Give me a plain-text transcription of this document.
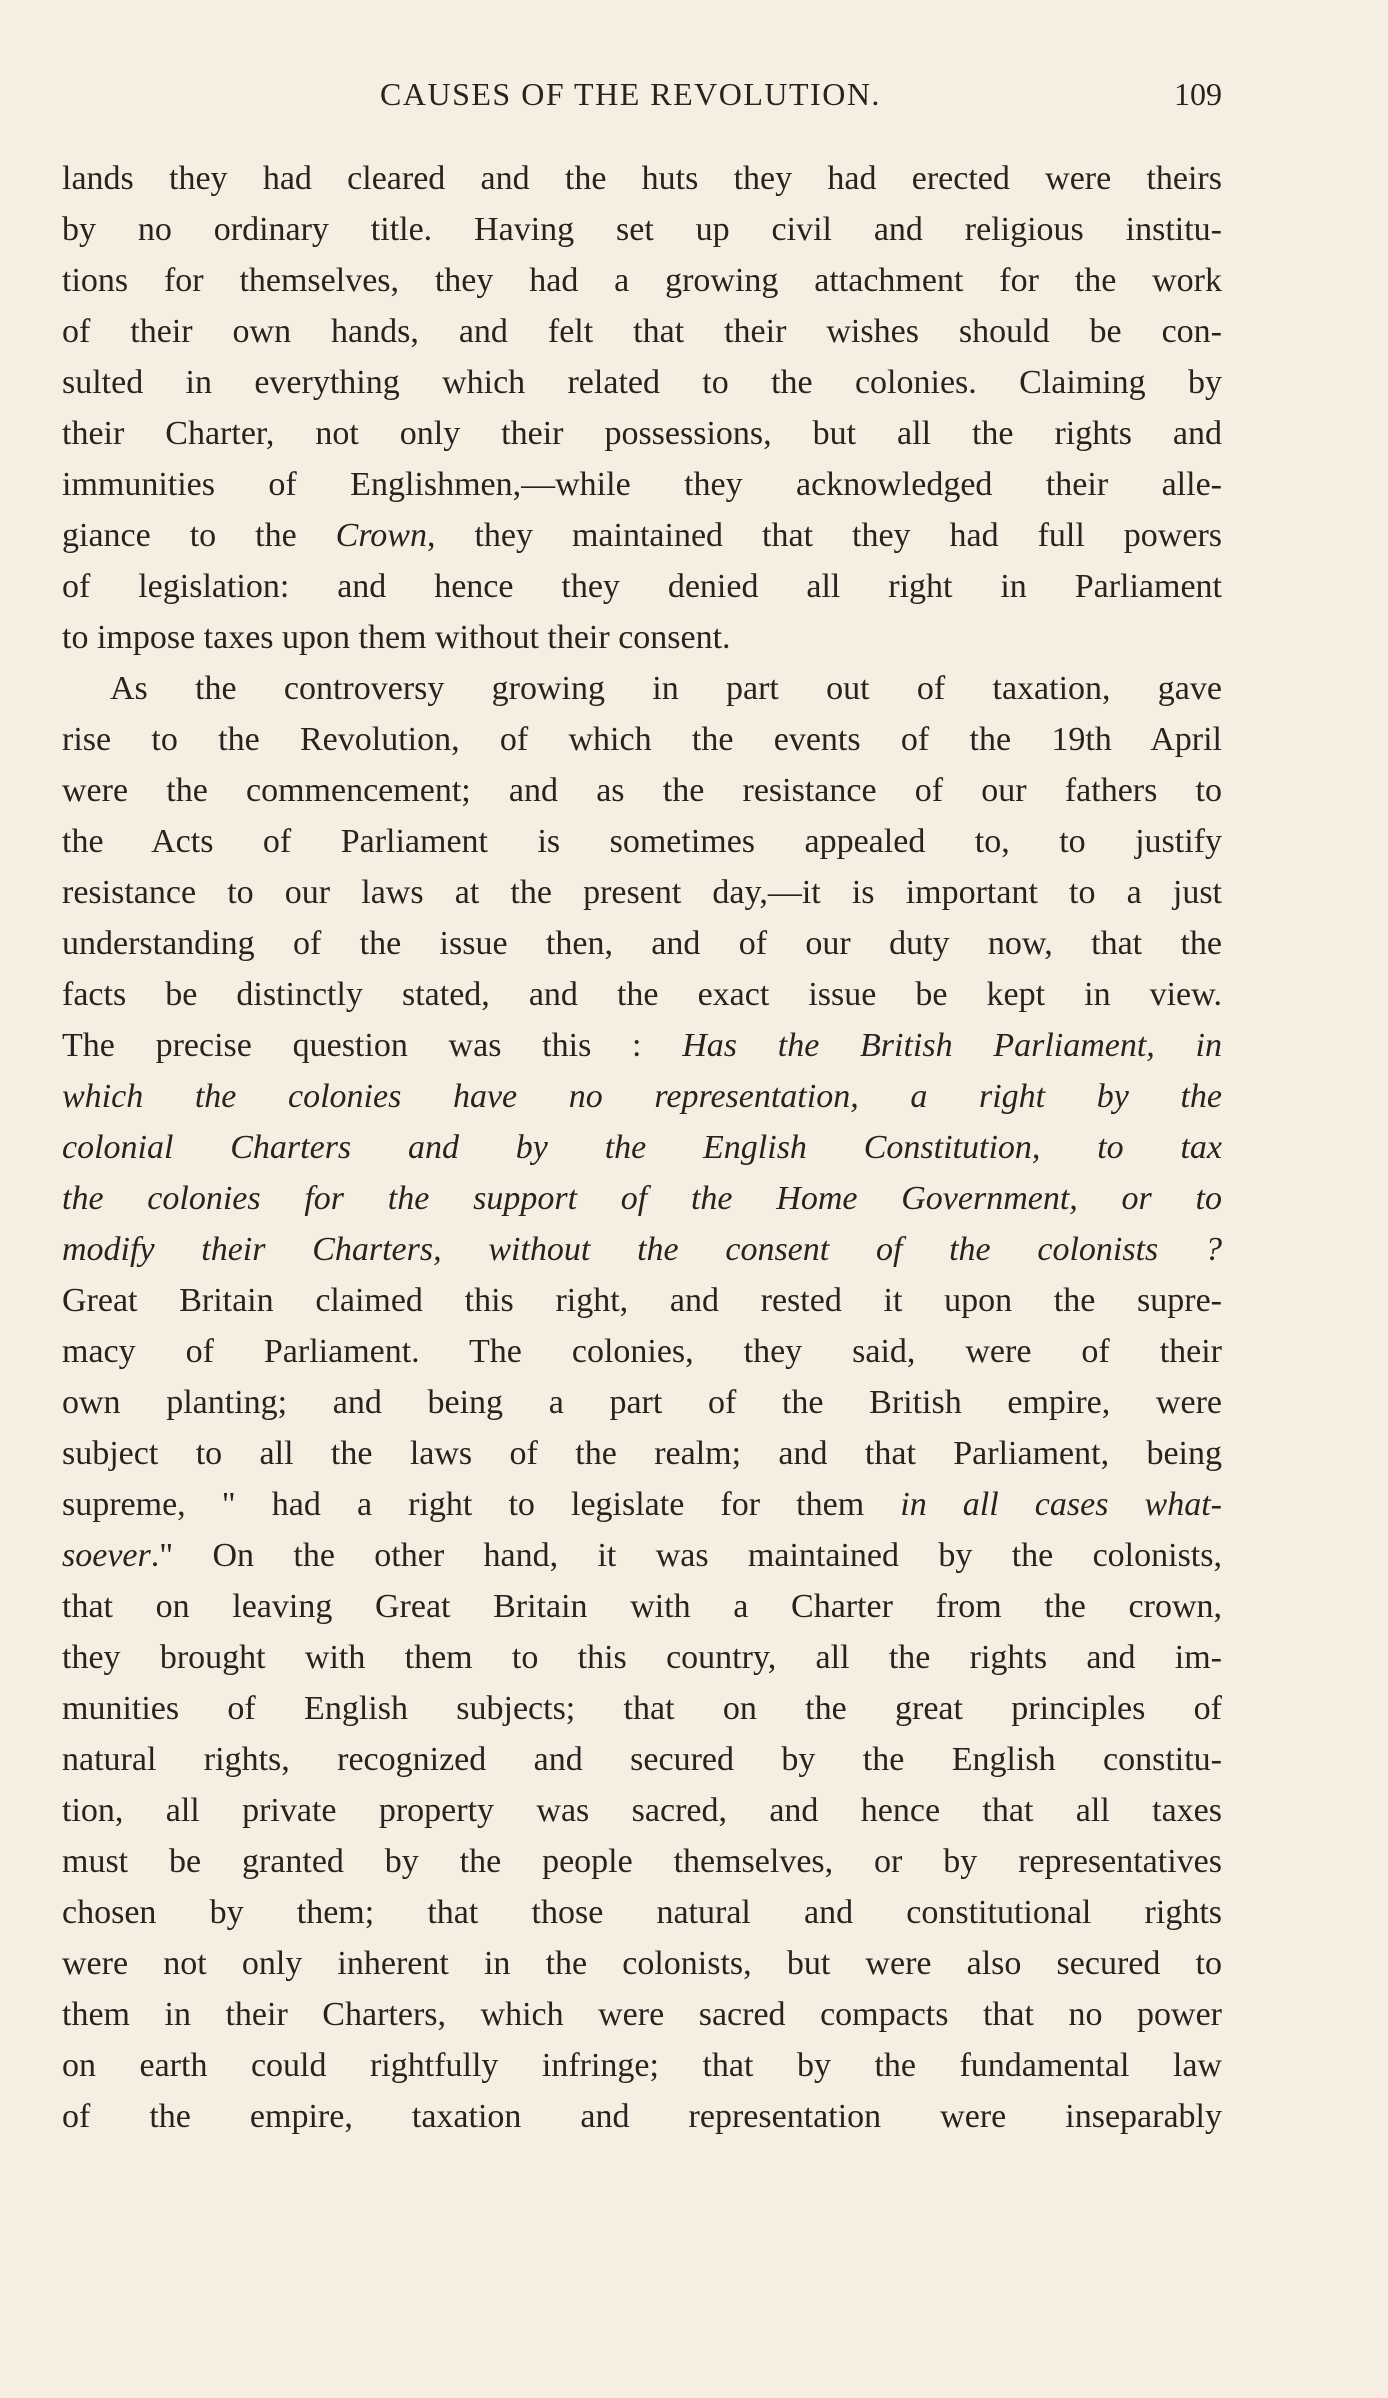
CAUSES OF THE REVOLUTION.	109
lands they had cleared and the huts they had erected were theirs
by no ordinary title. Having set up civil and religious institu-
tions for themselves, they had a growing attachment for the work
of their own hands, and felt that their wishes should be con-
sulted in everything which related to the colonies. Claiming by
their Charter, not only their possessions, but all the rights and
immunities of Englishmen,—while they acknowledged their alle-
giance to the Crown, they maintained that they had full powers
of legislation: and hence they denied all right in Parliament
to impose taxes upon them without their consent.
As the controversy growing in part out of taxation, gave
rise to the Revolution, of which the events of the 19th April
were the commencement; and as the resistance of our fathers to
the Acts of Parliament is sometimes appealed to, to justify
resistance to our laws at the present day,—it is important to a just
understanding of the issue then, and of our duty now, that the
facts be distinctly stated, and the exact issue be kept in view.
The precise question was this : Has the British Parliament, in
which the colonies have no representation, a right by the
colonial Charters and by the English Constitution, to tax
the colonies for the support of the Home Government, or to
modify their Charters, without the consent of the colonists ?
Great Britain claimed this right, and rested it upon the supre-
macy of Parliament. The colonies, they said, were of their
own planting; and being a part of the British empire, were
subject to all the laws of the realm; and that Parliament, being
supreme, " had a right to legislate for them in all cases what-
soever." On the other hand, it was maintained by the colonists,
that on leaving Great Britain with a Charter from the crown,
they brought with them to this country, all the rights and im-
munities of English subjects; that on the great principles of
natural rights, recognized and secured by the English constitu-
tion, all private property was sacred, and hence that all taxes
must be granted by the people themselves, or by representatives
chosen by them; that those natural and constitutional rights
were not only inherent in the colonists, but were also secured to
them in their Charters, which were sacred compacts that no power
on earth could rightfully infringe; that by the fundamental law
of the empire, taxation and representation were inseparably
